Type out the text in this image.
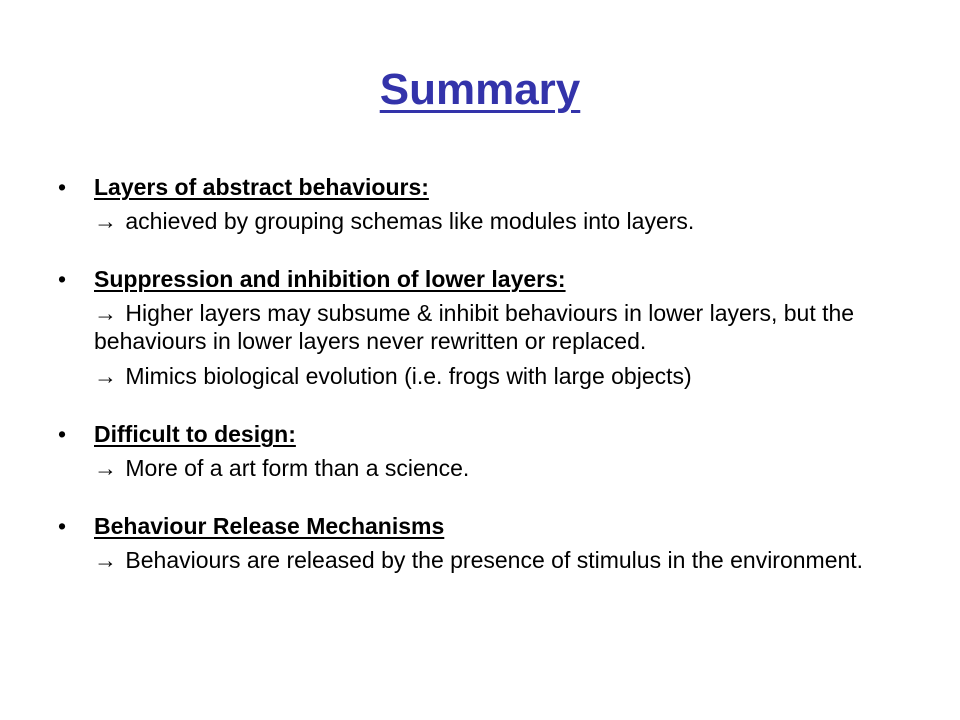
Summary
• Layers of abstract behaviours:
→ achieved by grouping schemas like modules into layers.
• Suppression and inhibition of lower layers:
→ Higher layers may subsume & inhibit behaviours in lower layers, but the behaviours in lower layers never rewritten or replaced.
→ Mimics biological evolution (i.e. frogs with large objects)
• Difficult to design:
→ More of a art form than a science.
• Behaviour Release Mechanisms
→ Behaviours are released by the presence of stimulus in the environment.
